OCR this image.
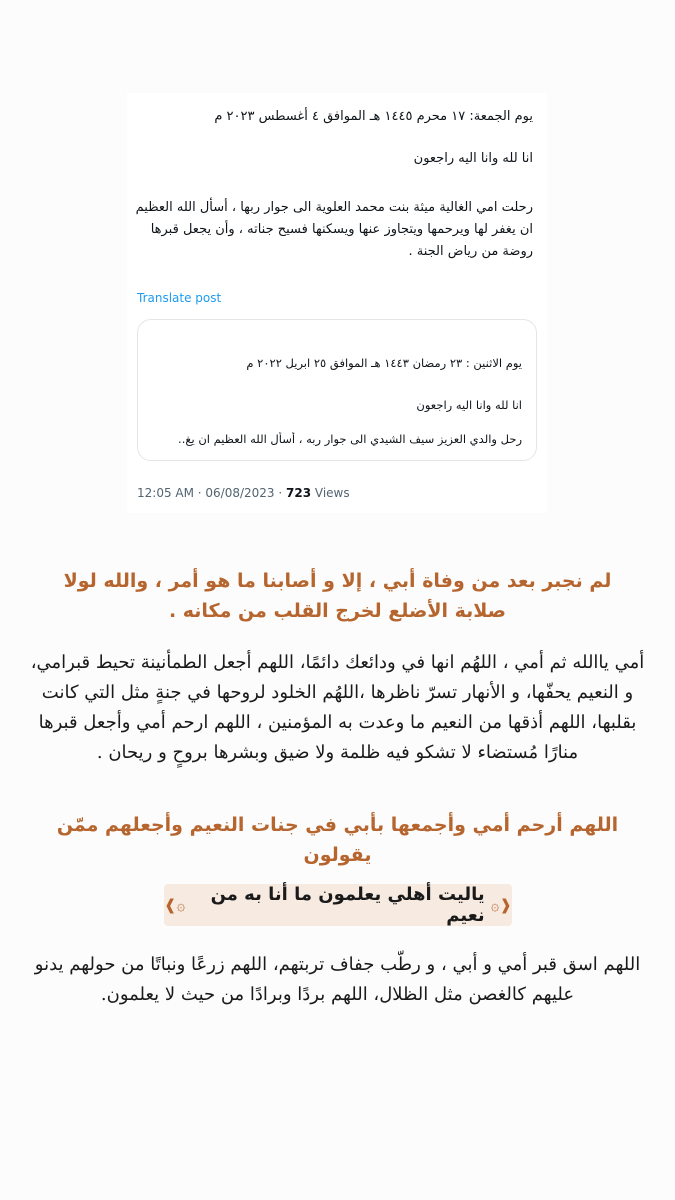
يوم الجمعة: ١٧ محرم ١٤٤٥ هـ الموافق ٤ أغسطس ٢٠٢٣ م
انا لله وانا اليه راجعون
رحلت امي الغالية ميثة بنت محمد العلوية الى جوار ربها ، أسأل الله العظيم ان يغفر لها ويرحمها ويتجاوز عنها ويسكنها فسيح جناته ، وأن يجعل قبرها روضة من رياض الجنة .
Translate post
يوم الاثنين : ٢٣ رمضان ١٤٤٣ هـ الموافق ٢٥ ابريل ٢٠٢٢ م
انا لله وانا اليه راجعون
رحل والدي العزيز سيف الشيدي الى جوار ربه ، أسأل الله العظيم ان يغ..
12:05 AM · 06/08/2023 · 723 Views
لم نجبر بعد من وفاة أبي ، إلا و أصابنا ما هو أمر ، والله لولا صلابة الأضلع لخرج القلب من مكانه .
أمي ياالله ثم أمي ، اللهُم انها في ودائعك دائمًا، اللهم أجعل الطمأنينة تحيط قبرامي، و النعيم يحفّها، و الأنهار تسرّ ناظرها ،اللهُم الخلود لروحها في جنةٍ مثل التي كانت بقلبها، اللهم أذقها من النعيم ما وعدت به المؤمنين ، اللهم ارحم أمي وأجعل قبرها منارًا مُستضاء لا تشكو فيه ظلمة ولا ضيق وبشرها بروحٍ و ريحان .
اللهم أرحم أمي وأجمعها بأبي في جنات النعيم وأجعلهم ممّن يقولون
❰۞
ياليت أهلي يعلمون ما أنا به من نعيم
۞❱
اللهم اسق قبر أمي و أبي ، و رطّب جفاف تربتهم، اللهم زرعًا ونباتًا من حولهم يدنو عليهم كالغصن مثل الظلال، اللهم بردًا وبرادًا من حيث لا يعلمون.
